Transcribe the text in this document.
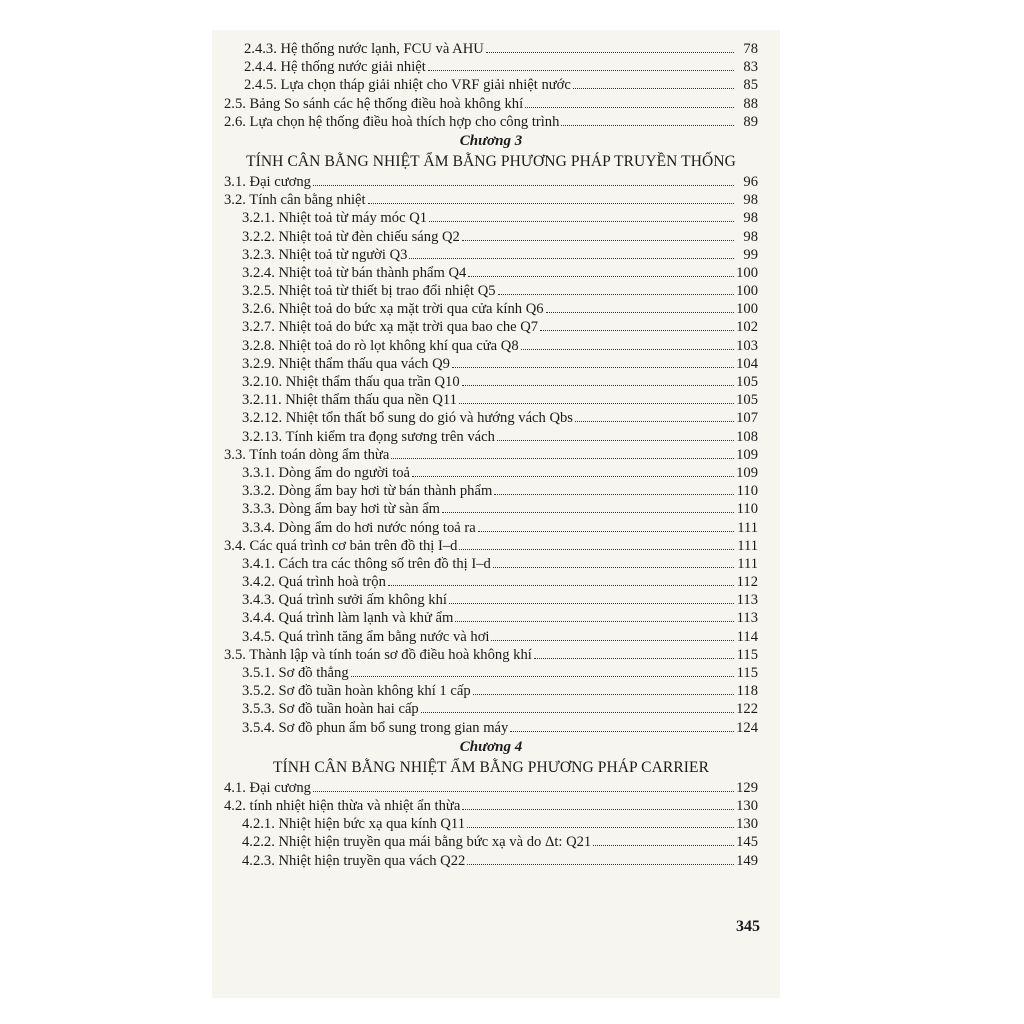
2.4.3. Hệ thống nước lạnh, FCU và AHU	78
2.4.4. Hệ thống nước giải nhiệt	83
2.4.5. Lựa chọn tháp giải nhiệt cho VRF giải nhiệt nước	85
2.5. Bảng So sánh các hệ thống điều hoà không khí	88
2.6. Lựa chọn hệ thống điều hoà thích hợp cho công trình	89
Chương 3
TÍNH CÂN BẰNG NHIỆT ẨM BẰNG PHƯƠNG PHÁP TRUYỀN THỐNG
3.1. Đại cương	96
3.2. Tính cân bằng nhiệt	98
3.2.1. Nhiệt toả từ máy móc Q1	98
3.2.2. Nhiệt toả từ đèn chiếu sáng Q2	98
3.2.3. Nhiệt toả từ người Q3	99
3.2.4. Nhiệt toả từ bán thành phẩm Q4	100
3.2.5. Nhiệt toả từ thiết bị trao đổi nhiệt Q5	100
3.2.6. Nhiệt toả do bức xạ mặt trời qua cửa kính Q6	100
3.2.7. Nhiệt toả do bức xạ mặt trời qua bao che Q7	102
3.2.8. Nhiệt toả do rò lọt không khí qua cửa Q8	103
3.2.9. Nhiệt thẩm thấu qua vách Q9	104
3.2.10. Nhiệt thẩm thấu qua trần Q10	105
3.2.11. Nhiệt thẩm thấu qua nền Q11	105
3.2.12. Nhiệt tổn thất bổ sung do gió và hướng vách Qbs	107
3.2.13. Tính kiểm tra đọng sương trên vách	108
3.3. Tính toán dòng ẩm thừa	109
3.3.1. Dòng ẩm do người toả	109
3.3.2. Dòng ẩm bay hơi từ bán thành phẩm	110
3.3.3. Dòng ẩm bay hơi từ sàn ẩm	110
3.3.4. Dòng ẩm do hơi nước nóng toả ra	111
3.4. Các quá trình cơ bản trên đồ thị I–d	111
3.4.1. Cách tra các thông số trên đồ thị I–d	111
3.4.2. Quá trình hoà trộn	112
3.4.3. Quá trình sưởi ấm không khí	113
3.4.4. Quá trình làm lạnh và khử ẩm	113
3.4.5. Quá trình tăng ẩm bằng nước và hơi	114
3.5. Thành lập và tính toán sơ đồ điều hoà không khí	115
3.5.1. Sơ đồ thẳng	115
3.5.2. Sơ đồ tuần hoàn không khí 1 cấp	118
3.5.3. Sơ đồ tuần hoàn hai cấp	122
3.5.4. Sơ đồ phun ẩm bổ sung trong gian máy	124
Chương 4
TÍNH CÂN BẰNG NHIỆT ẨM BẰNG PHƯƠNG PHÁP CARRIER
4.1. Đại cương	129
4.2. tính nhiệt hiện thừa và nhiệt ẩn thừa	130
4.2.1. Nhiệt hiện bức xạ qua kính Q11	130
4.2.2. Nhiệt hiện truyền qua mái bằng bức xạ và do Δt: Q21	145
4.2.3. Nhiệt hiện truyền qua vách Q22	149
345
